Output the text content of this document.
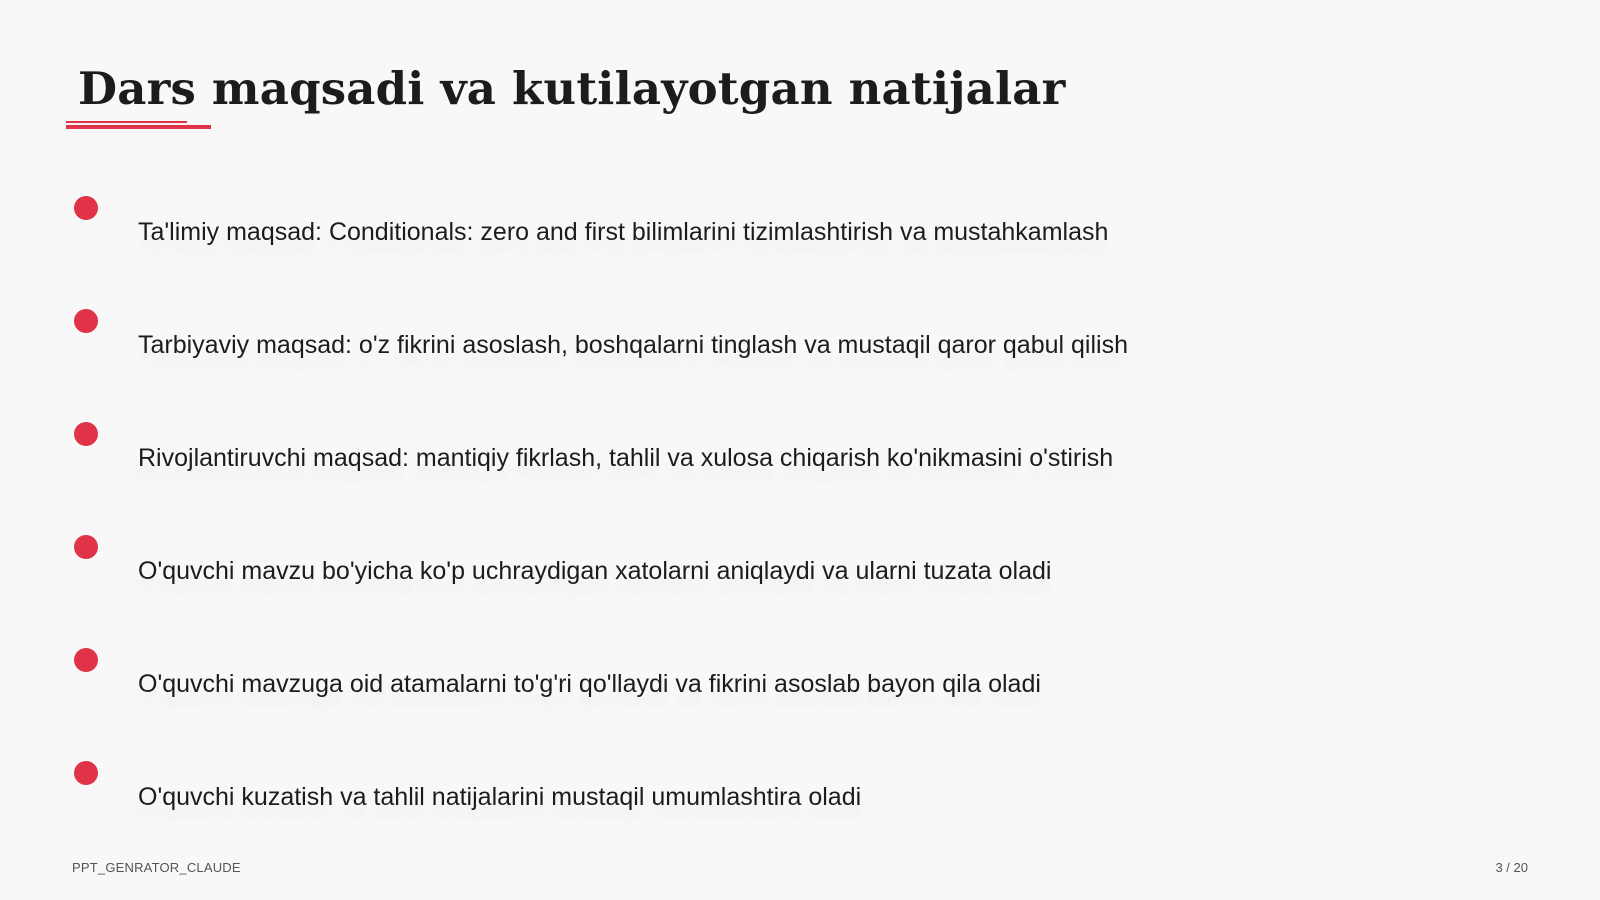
Dars maqsadi va kutilayotgan natijalar
Ta'limiy maqsad: Conditionals: zero and first bilimlarini tizimlashtirish va mustahkamlash
Tarbiyaviy maqsad: o'z fikrini asoslash, boshqalarni tinglash va mustaqil qaror qabul qilish
Rivojlantiruvchi maqsad: mantiqiy fikrlash, tahlil va xulosa chiqarish ko'nikmasini o'stirish
O'quvchi mavzu bo'yicha ko'p uchraydigan xatolarni aniqlaydi va ularni tuzata oladi
O'quvchi mavzuga oid atamalarni to'g'ri qo'llaydi va fikrini asoslab bayon qila oladi
O'quvchi kuzatish va tahlil natijalarini mustaqil umumlashtira oladi
PPT_GENRATOR_CLAUDE	3 / 20
